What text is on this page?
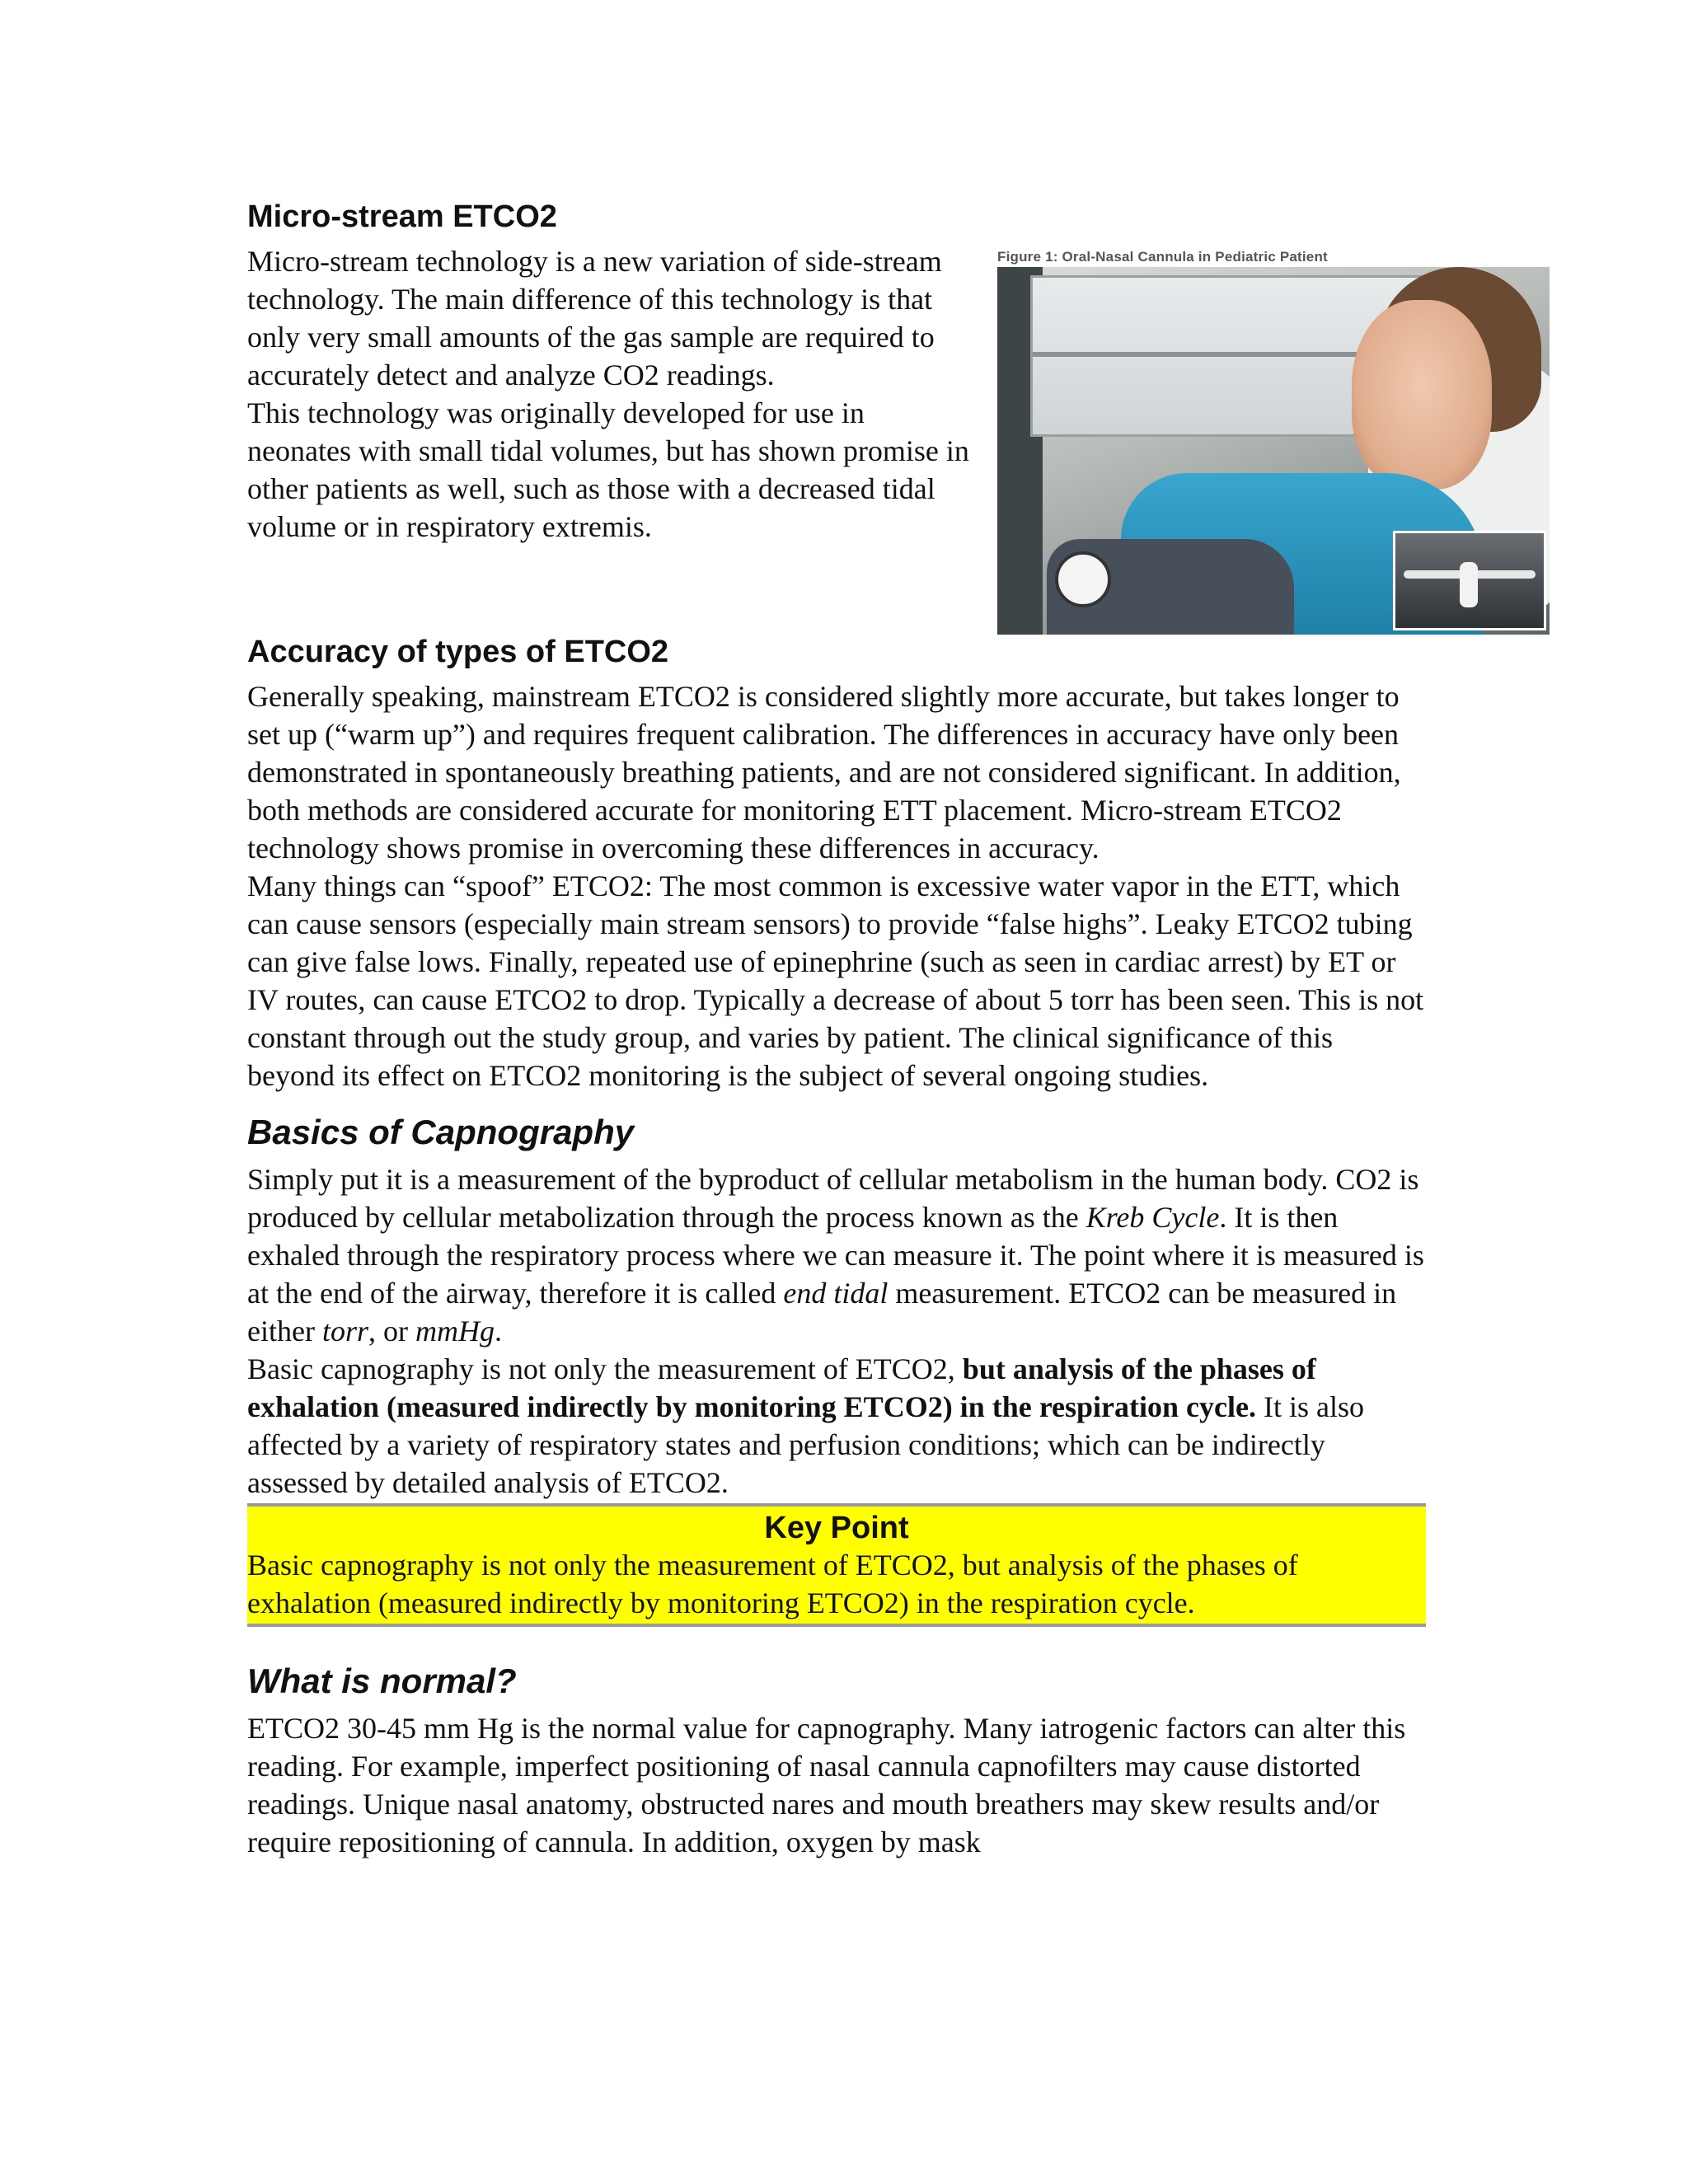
Micro-stream ETCO2

Micro-stream technology is a new variation of side-stream technology. The main difference of this technology is that only very small amounts of the gas sample are required to accurately detect and analyze CO2 readings.

This technology was originally developed for use in neonates with small tidal volumes, but has shown promise in other patients as well, such as those with a decreased tidal volume or in respiratory extremis.

Figure 1: Oral-Nasal Cannula in Pediatric Patient
Accuracy of types of ETCO2

Generally speaking, mainstream ETCO2 is considered slightly more accurate, but takes longer to set up (“warm up”) and requires frequent calibration. The differences in accuracy have only been demonstrated in spontaneously breathing patients, and are not considered significant. In addition, both methods are considered accurate for monitoring ETT placement. Micro-stream ETCO2 technology shows promise in overcoming these differences in accuracy.

Many things can “spoof” ETCO2: The most common is excessive water vapor in the ETT, which can cause sensors (especially main stream sensors) to provide “false highs”. Leaky ETCO2 tubing can give false lows. Finally, repeated use of epinephrine (such as seen in cardiac arrest) by ET or IV routes, can cause ETCO2 to drop. Typically a decrease of about 5 torr has been seen. This is not constant through out the study group, and varies by patient. The clinical significance of this beyond its effect on ETCO2 monitoring is the subject of several ongoing studies.

Basics of Capnography

Simply put it is a measurement of the byproduct of cellular metabolism in the human body. CO2 is produced by cellular metabolization through the process known as the Kreb Cycle. It is then exhaled through the respiratory process where we can measure it. The point where it is measured is at the end of the airway, therefore it is called end tidal measurement. ETCO2 can be measured in either torr, or mmHg.

Basic capnography is not only the measurement of ETCO2, but analysis of the phases of exhalation (measured indirectly by monitoring ETCO2) in the respiration cycle. It is also affected by a variety of respiratory states and perfusion conditions; which can be indirectly assessed by detailed analysis of ETCO2.

Key Point

Basic capnography is not only the measurement of ETCO2, but analysis of the phases of exhalation (measured indirectly by monitoring ETCO2) in the respiration cycle.

What is normal?

ETCO2 30-45 mm Hg is the normal value for capnography. Many iatrogenic factors can alter this reading. For example, imperfect positioning of nasal cannula capnofilters may cause distorted readings. Unique nasal anatomy, obstructed nares and mouth breathers may skew results and/or require repositioning of cannula. In addition, oxygen by mask
